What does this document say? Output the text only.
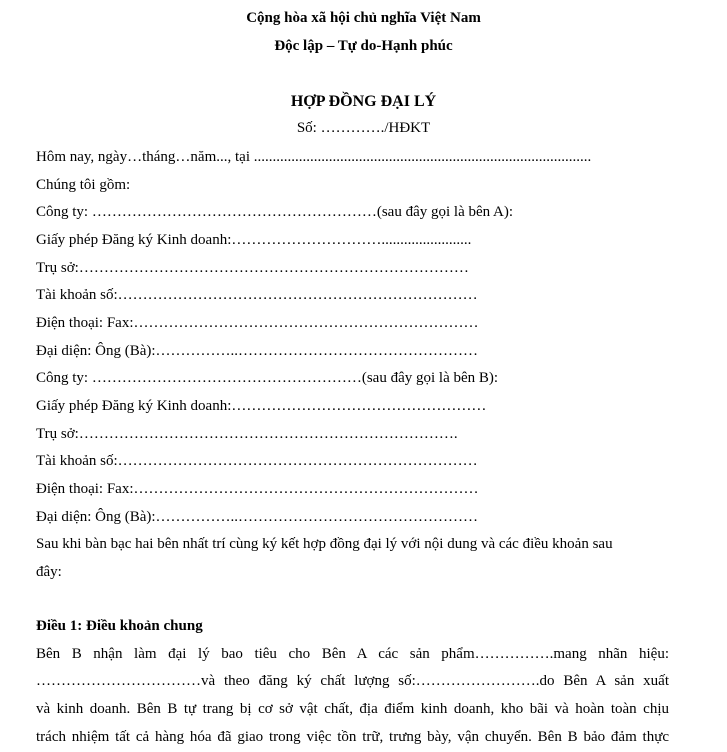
Cộng hòa xã hội chủ nghĩa Việt Nam
Độc lập – Tự do-Hạnh phúc
HỢP ĐỒNG ĐẠI LÝ
Số: …………./HĐKT
Hôm nay, ngày…tháng…năm..., tại ..........................................................................................
Chúng tôi gồm:
Công ty: …………………………………………………(sau đây gọi là bên A):
Giấy phép Đăng ký Kinh doanh:…………………………........................
Trụ sở:……………………………………………………………………
Tài khoản số:………………………………………………………………
Điện thoại: Fax:……………………………………………………………
Đại diện: Ông (Bà):……………..…………………………………………
Công ty: ………………………………………………(sau đây gọi là bên B):
Giấy phép Đăng ký Kinh doanh:……………………………………………
Trụ sở:………………………………………………………………….
Tài khoản số:………………………………………………………………
Điện thoại: Fax:……………………………………………………………
Đại diện: Ông (Bà):……………..…………………………………………
Sau khi bàn bạc hai bên nhất trí cùng ký kết hợp đồng đại lý với nội dung và các điều khoản sau
đây:
Điều 1: Điều khoản chung
Bên B nhận làm đại lý bao tiêu cho Bên A các sản phẩm…………….mang nhãn hiệu:
……………………………và theo đăng ký chất lượng số:…………………….do Bên A sản xuất
và kinh doanh. Bên B tự trang bị cơ sở vật chất, địa điểm kinh doanh, kho bãi và hoàn toàn chịu
trách nhiệm tất cả hàng hóa đã giao trong việc tồn trữ, trưng bày, vận chuyển. Bên B bảo đảm thực
